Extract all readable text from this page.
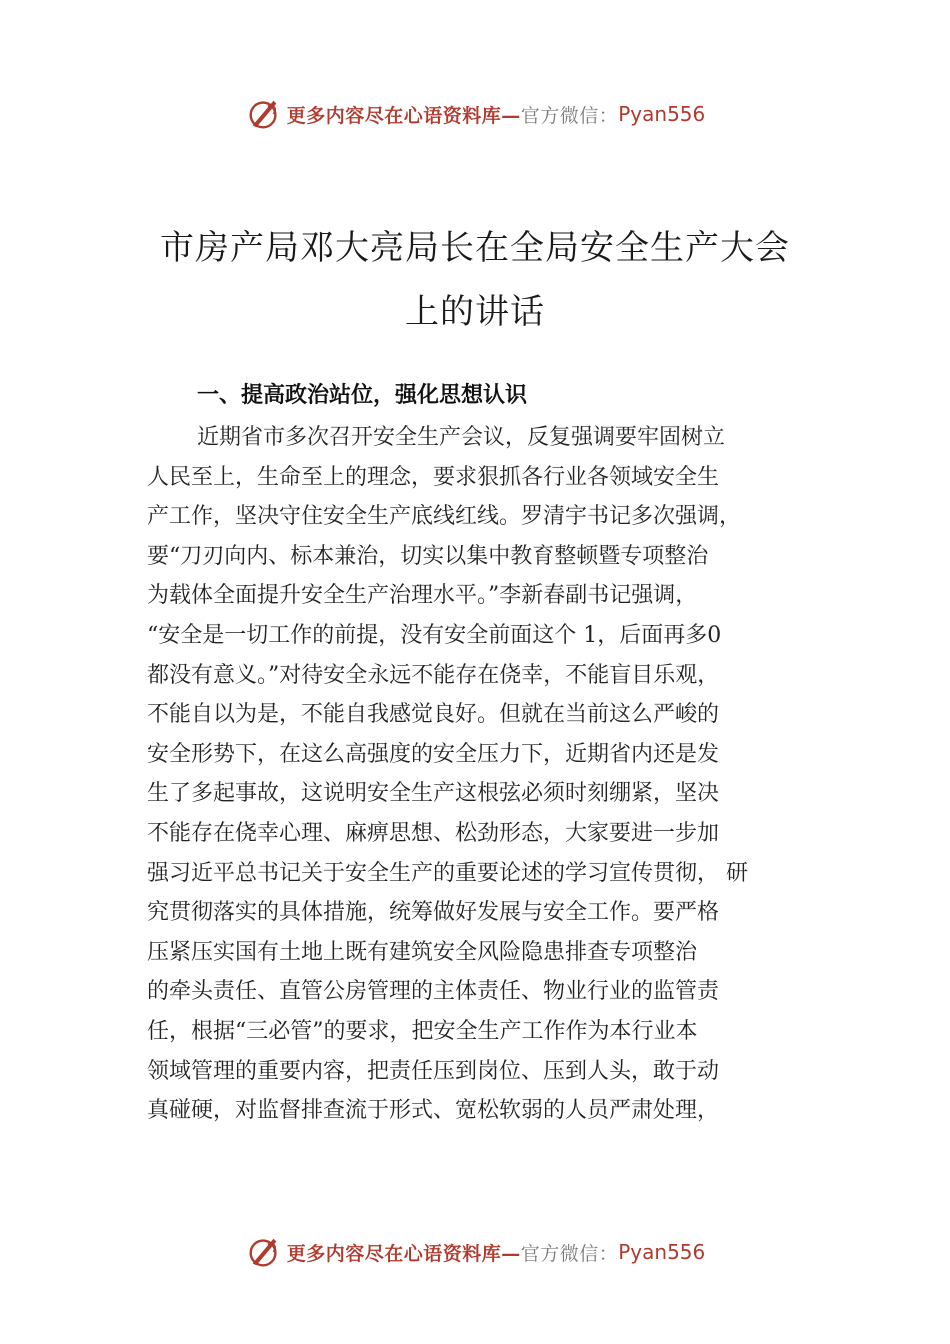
更多内容尽在心语资料库— 官方微信： Pyan556
市房产局邓大亮局长在全局安全生产大会
上的讲话
一、提高政治站位，强化思想认识
近期省市多次召开安全生产会议，反复强调要牢固树立
人民至上，生命至上的理念，要求狠抓各行业各领域安全生
产工作，坚决守住安全生产底线红线。罗清宇书记多次强调，
要“刀刃向内、标本兼治，切实以集中教育整顿暨专项整治
为载体全面提升安全生产治理水平。”李新春副书记强调，
“安全是一切工作的前提，没有安全前面这个 1，后面再多0
都没有意义。”对待安全永远不能存在侥幸，不能盲目乐观，
不能自以为是，不能自我感觉良好。但就在当前这么严峻的
安全形势下，在这么高强度的安全压力下，近期省内还是发
生了多起事故，这说明安全生产这根弦必须时刻绷紧，坚决
不能存在侥幸心理、麻痹思想、松劲形态，大家要进一步加
强习近平总书记关于安全生产的重要论述的学习宣传贯彻， 研
究贯彻落实的具体措施，统筹做好发展与安全工作。要严格
压紧压实国有土地上既有建筑安全风险隐患排查专项整治
的牵头责任、直管公房管理的主体责任、物业行业的监管责
任，根据“三必管”的要求，把安全生产工作作为本行业本
领域管理的重要内容，把责任压到岗位、压到人头，敢于动
真碰硬，对监督排查流于形式、宽松软弱的人员严肃处理，
更多内容尽在心语资料库— 官方微信： Pyan556
